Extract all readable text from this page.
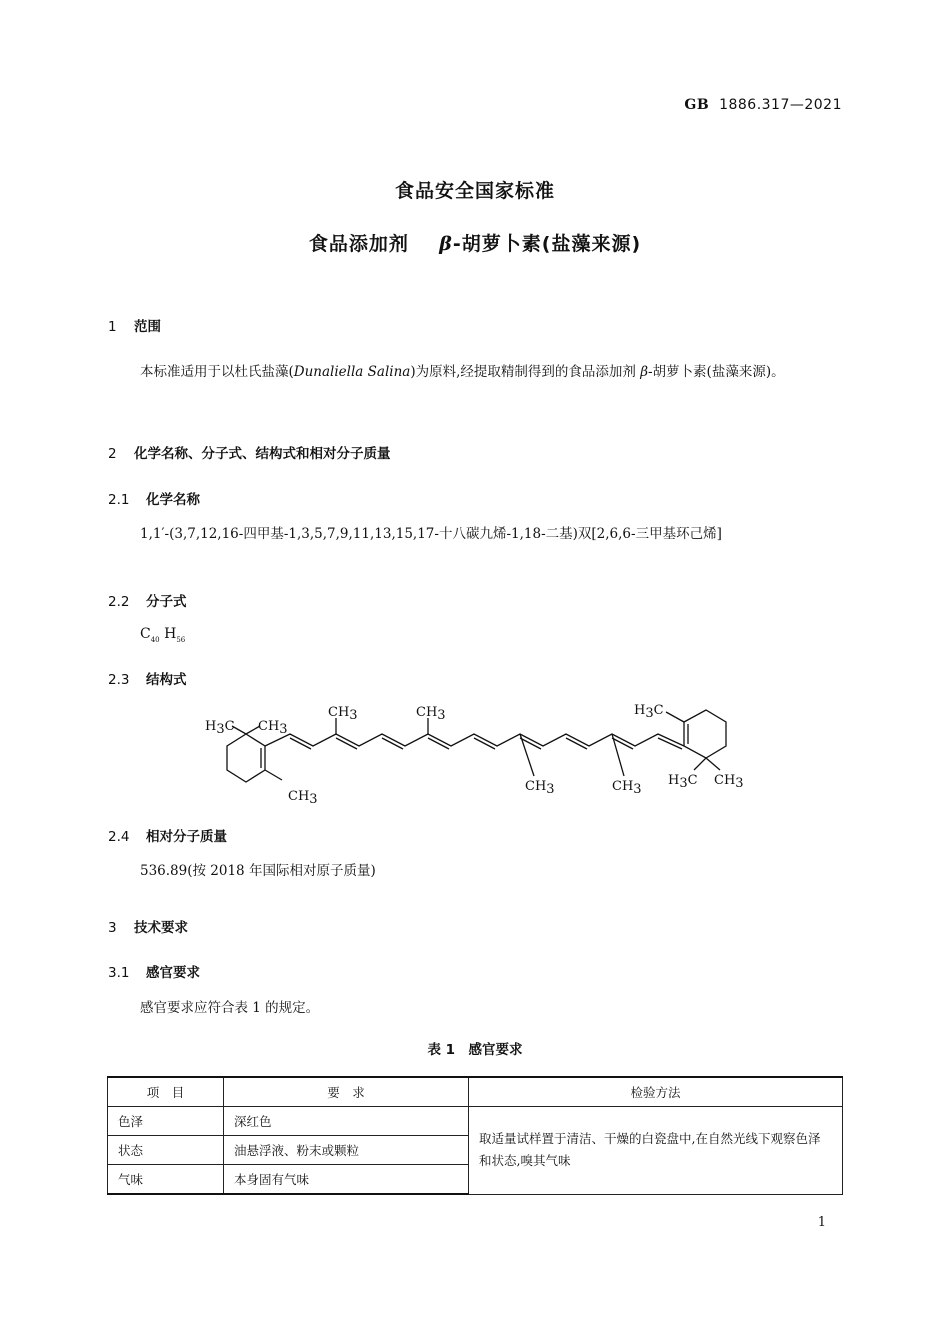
GB 1886.317—2021
食品安全国家标准
食品添加剂 β-胡萝卜素(盐藻来源)
1 范围
本标准适用于以杜氏盐藻(Dunaliella Salina)为原料,经提取精制得到的食品添加剂 β-胡萝卜素(盐藻来源)。
2 化学名称、分子式、结构式和相对分子质量
2.1 化学名称
1,1′-(3,7,12,16-四甲基-1,3,5,7,9,11,13,15,17-十八碳九烯-1,18-二基)双[2,6,6-三甲基环己烯]
2.2 分子式
$C_{40}$ $H_{56}$
2.3 结构式
H3C CH3
CH3
CH3	CH3
CH3	CH3
H3C
H3C CH3
2.4 相对分子质量
536.89(按 2018 年国际相对原子质量)
3 技术要求
3.1 感官要求
感官要求应符合表 1 的规定。
表 1　感官要求
项　目	要　求	检验方法
色泽	深红色	取适量试样置于清洁、干燥的白瓷盘中,在自然光线下观察色泽和状态,嗅其气味
状态	油悬浮液、粉末或颗粒	
气味	本身固有气味	
1
